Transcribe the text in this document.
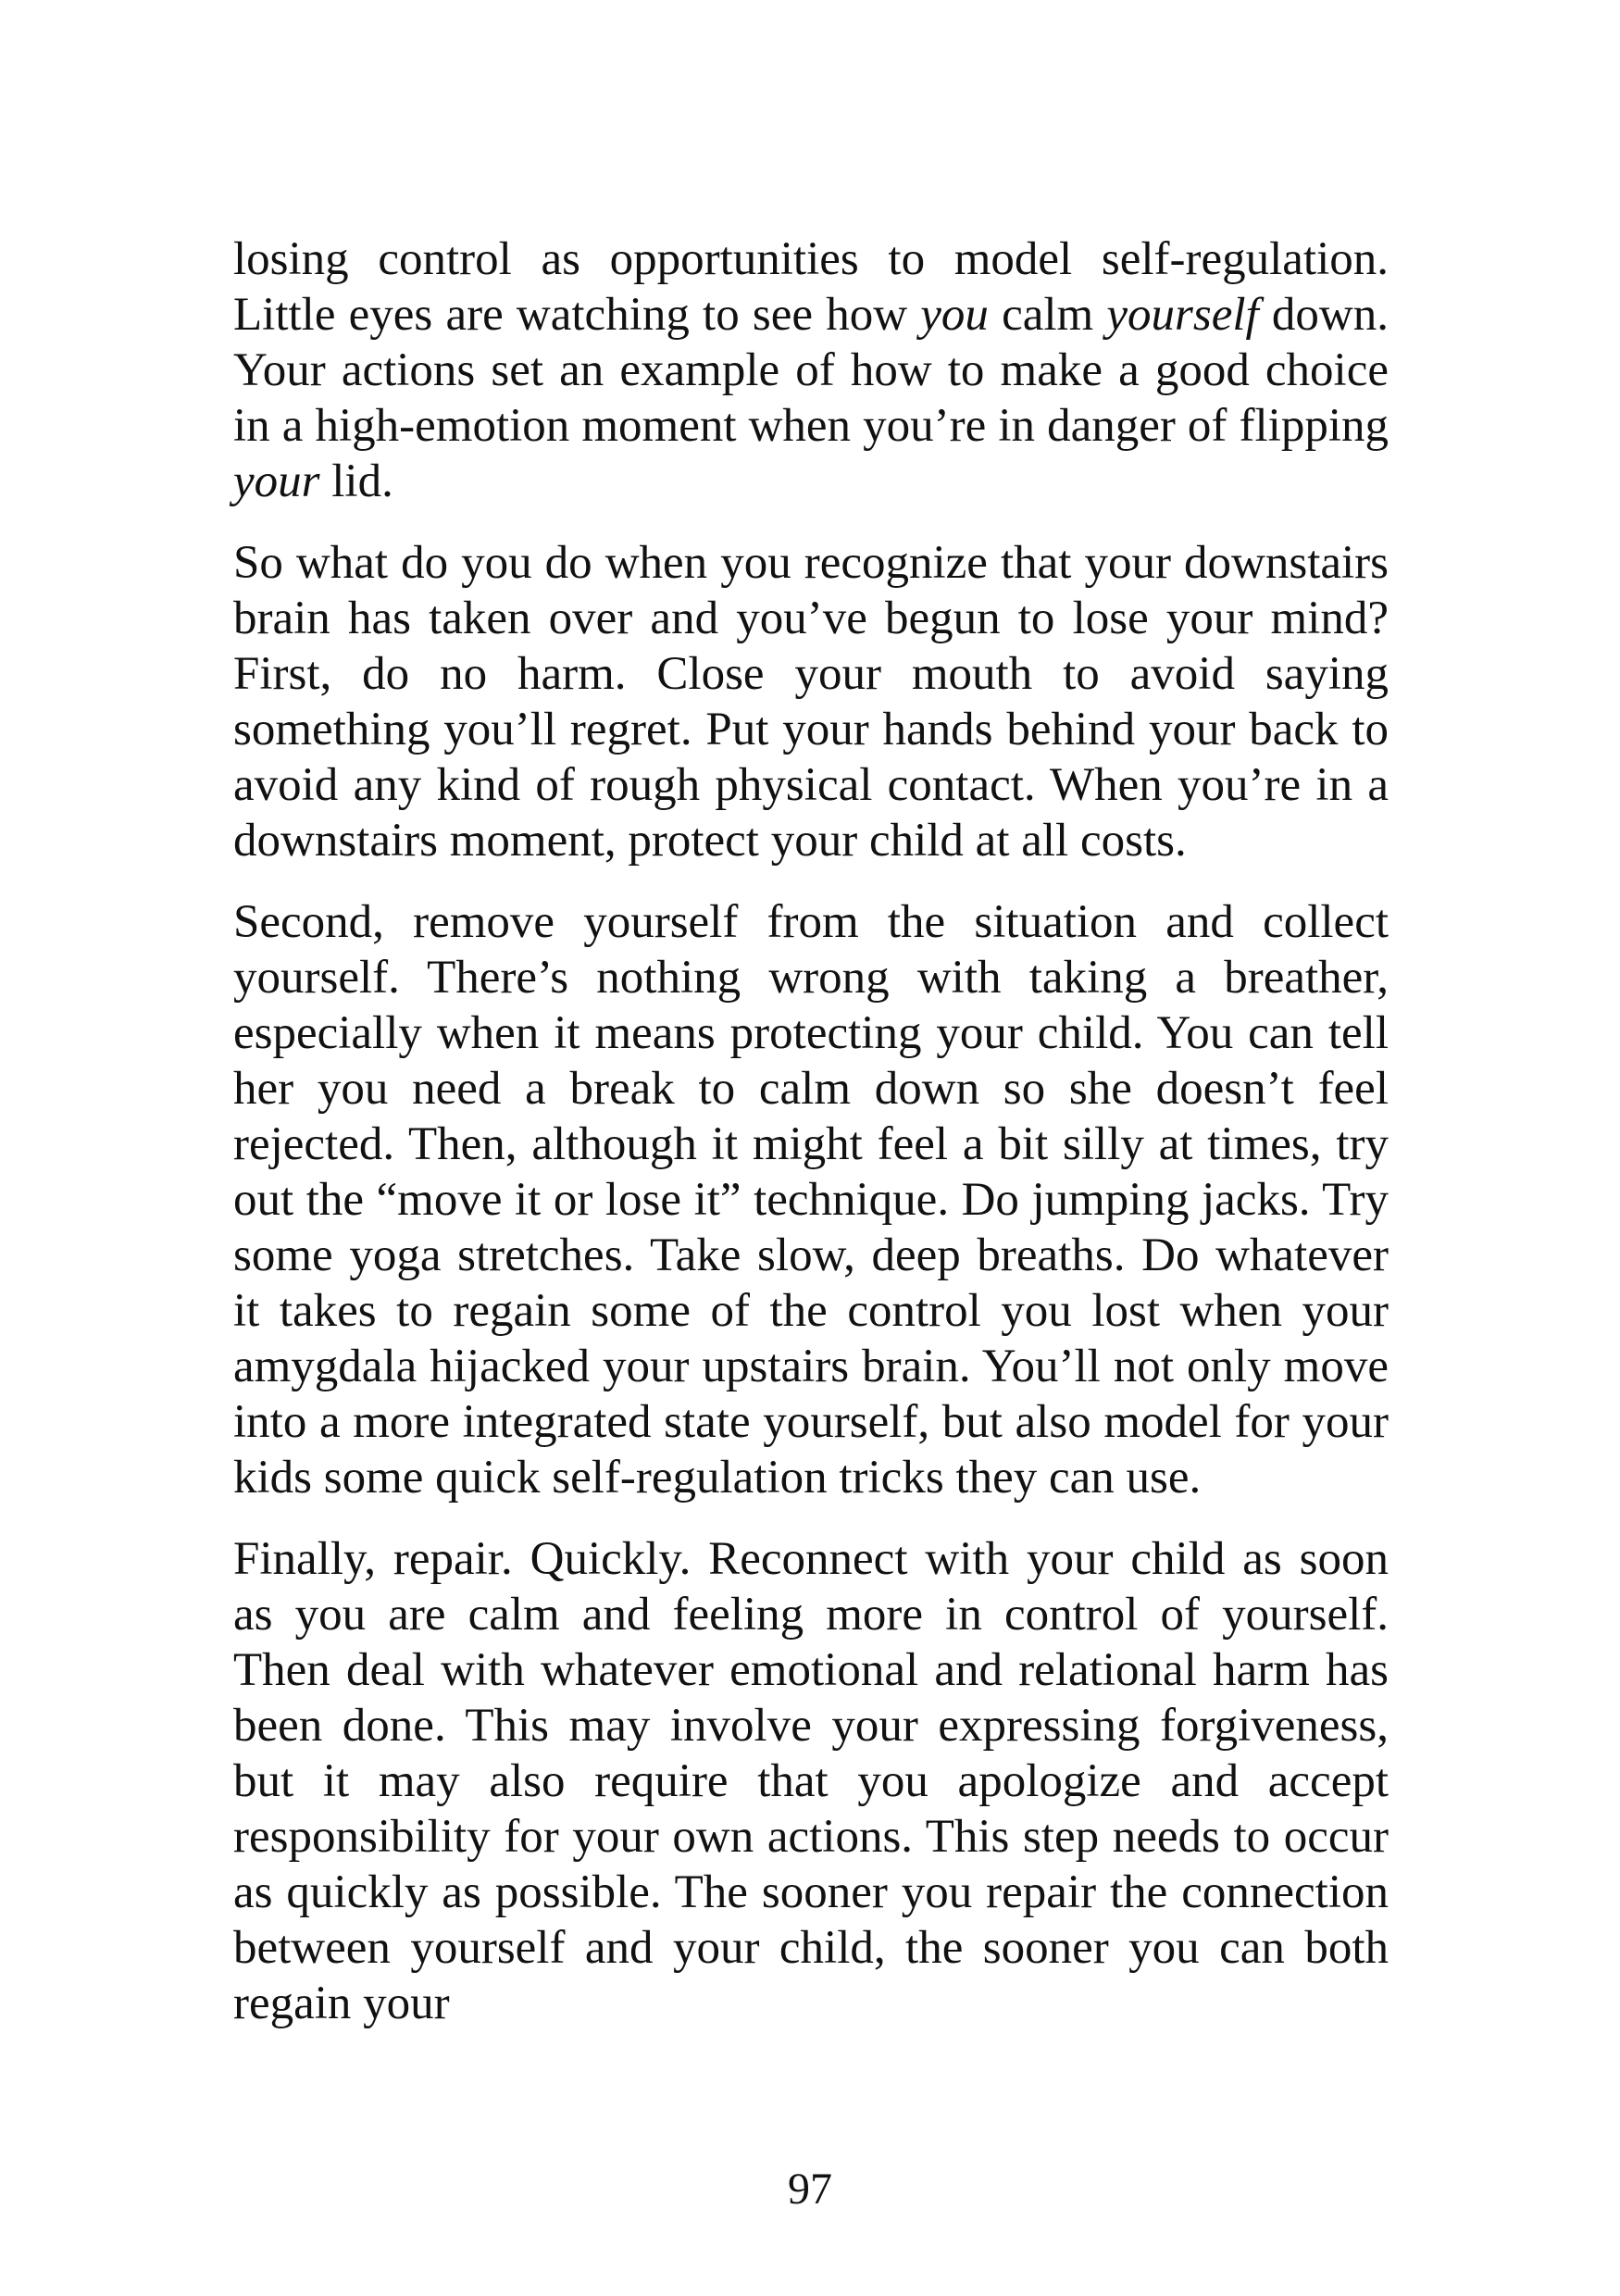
losing control as opportunities to model self-regulation. Little eyes are watching to see how you calm yourself down. Your actions set an example of how to make a good choice in a high-emotion moment when you’re in danger of flipping your lid.

So what do you do when you recognize that your downstairs brain has taken over and you’ve begun to lose your mind? First, do no harm. Close your mouth to avoid saying something you’ll regret. Put your hands behind your back to avoid any kind of rough physical contact. When you’re in a downstairs moment, protect your child at all costs.

Second, remove yourself from the situation and collect yourself. There’s nothing wrong with taking a breather, especially when it means protecting your child. You can tell her you need a break to calm down so she doesn’t feel rejected. Then, although it might feel a bit silly at times, try out the “move it or lose it” technique. Do jumping jacks. Try some yoga stretches. Take slow, deep breaths. Do whatever it takes to regain some of the control you lost when your amygdala hijacked your upstairs brain. You’ll not only move into a more integrated state yourself, but also model for your kids some quick self-regulation tricks they can use.

Finally, repair. Quickly. Reconnect with your child as soon as you are calm and feeling more in control of yourself. Then deal with whatever emotional and relational harm has been done. This may involve your expressing forgiveness, but it may also require that you apologize and accept responsibility for your own actions. This step needs to occur as quickly as possible. The sooner you repair the connection between yourself and your child, the sooner you can both regain your

97
